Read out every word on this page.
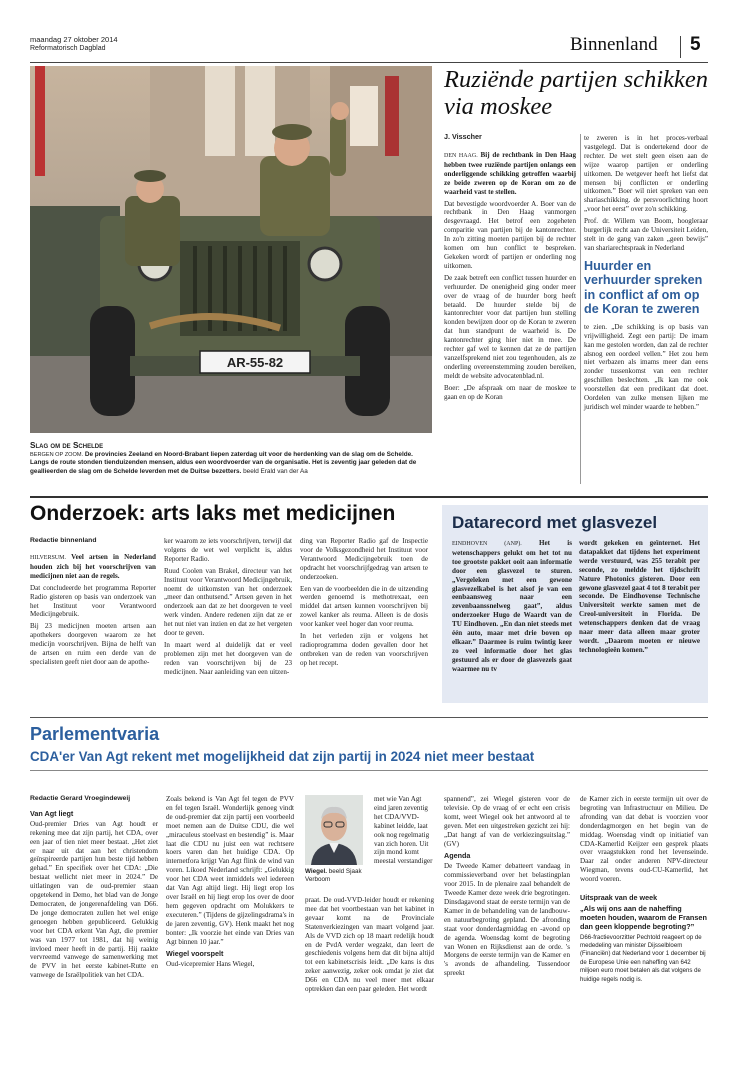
maandag 27 oktober 2014
Reformatorisch Dagblad	Binnenland 5
AR-55-82
Slag om de Schelde
BERGEN OP ZOOM. De provincies Zeeland en Noord-Brabant liepen zaterdag uit voor de herdenking van de slag om de Schelde. Langs de route stonden tienduizenden mensen, aldus een woordvoerder van de organisatie. Het is zeventig jaar geleden dat de geallieerden de slag om de Schelde leverden met de Duitse bezetters. beeld Erald van der Aa
Ruziënde partijen schikken via moskee
J. Visscher

DEN HAAG. Bij de rechtbank in Den Haag hebben twee ruziënde partijen onlangs een onderliggende schikking getroffen waarbij ze beide zweren op de Koran om zo de waarheid vast te stellen.

Dat bevestigde woordvoerder A. Boer van de rechtbank in Den Haag vanmorgen desgevraagd. Het betrof een zogeheten comparitie van partijen bij de kantonrechter. In zo'n zitting moeten partijen bij de rechter komen om hun conflict te bespreken. Gekeken wordt of partijen er onderling nog uitkomen.

De zaak betreft een conflict tussen huurder en verhuurder. De onenigheid ging onder meer over de vraag of de huurder borg heeft betaald. De huurder stelde bij de kantonrechter voor dat partijen hun stelling konden bewijzen door op de Koran te zweren dat hun standpunt de waarheid is. De kantonrechter ging hier niet in mee. De rechter gaf wel te kennen dat ze de partijen vanzelfsprekend niet zou tegenhouden, als ze onderling overeenstemming zouden bereiken, meldt de website advocatenblad.nl.

Boer: „De afspraak om naar de moskee te gaan en op de Koran

te zweren is in het proces-verbaal vastgelegd. Dat is ondertekend door de rechter. De wet stelt geen eisen aan de wijze waarop partijen er onderling uitkomen. De wetgever heeft het liefst dat mensen bij conflicten er onderling uitkomen.” Boer wil niet spreken van een shariaschikking. de persvoorlichting hoort „voor het eerst” over zo'n schikking.

Prof. dr. Willem van Boom, hoogleraar burgerlijk recht aan de Universiteit Leiden, stelt in de gang van zaken „geen bewijs” van shariarechtspraak in Nederland

Huurder en verhuurder spreken in conflict af om op de Koran te zweren

te zien. „De schikking is op basis van vrijwilligheid. Zegt een partij: De imam kan me gestolen worden, dan zal de rechter alsnog een oordeel vellen.” Het zou hem niet verbazen als imams meer dan eens zonder tussenkomst van een rechter geschillen beslechten. „Ik kan me ook voorstellen dat een predikant dat doet. Oordelen van zulke mensen lijken me juridisch wel minder waarde te hebben.”

Onderzoek: arts laks met medicijnen
Redactie binnenland

HILVERSUM. Veel artsen in Nederland houden zich bij het voorschrijven van medicijnen niet aan de regels.

Dat concludeerde het programma Reporter Radio gisteren op basis van onderzoek van het Instituut voor Verantwoord Medicijngebruik.

Bij 23 medicijnen moeten artsen aan apothekers doorgeven waarom ze het medicijn voorschrijven. Bijna de helft van de artsen en ruim een derde van de specialisten geeft niet door aan de apothe-

ker waarom ze iets voorschrijven, terwijl dat volgens de wet wel verplicht is, aldus Reporter Radio.

Ruud Coolen van Brakel, directeur van het Instituut voor Verantwoord Medicijngebruik, noemt de uitkomsten van het onderzoek „meer dan onthutsend.” Artsen geven in het onderzoek aan dat ze het doorgeven te veel werk vinden. Andere redenen zijn dat ze er het nut niet van inzien en dat ze het vergeten door te geven.

In maart werd al duidelijk dat er veel problemen zijn met het doorgeven van de reden van voorschrijven bij de 23 medicijnen. Naar aanleiding van een uitzen-

ding van Reporter Radio gaf de Inspectie voor de Volksgezondheid het Instituut voor Verantwoord Medicijngebruik toen de opdracht het voorschrijfgedrag van artsen te onderzoeken.

Een van de voorbeelden die in de uitzending werden genoemd is methotrexaat, een middel dat artsen kunnen voorschrijven bij zowel kanker als reuma. Alleen is de dosis voor kanker veel hoger dan voor reuma.

In het verleden zijn er volgens het radioprogramma doden gevallen door het ontbreken van de reden van voorschrijven op het recept.

Datarecord met glasvezel
EINDHOVEN (ANP). Het is wetenschappers gelukt om het tot nu toe grootste pakket ooit aan informatie door een glasvezel te sturen. „Vergeleken met een gewone glasvezelkabel is het alsof je van een eenbaansweg naar een zevenbaanssnelweg gaat”, aldus onderzoeker Hugo de Waardt van de TU Eindhoven. „En dan niet steeds met één auto, maar met drie boven op elkaar.” Daarmee is ruim twintig keer zo veel informatie door het glas gestuurd als er door de glasvezels gaat waarmee nu tv
wordt gekeken en geïnternet. Het datapakket dat tijdens het experiment werde verstuurd, was 255 terabit per seconde, zo meldde het tijdschrift Nature Photonics gisteren. Door een gewone glasvezel gaat 4 tot 8 terabit per seconde. De Eindhovense Technische Universiteit werkte samen met de Creol-universiteit in Florida. De wetenschappers denken dat de vraag naar meer data alleen maar groter wordt. „Daarom moeten er nieuwe technologieën komen.”
Parlementvaria
CDA'er Van Agt rekent met mogelijkheid dat zijn partij in 2024 niet meer bestaat
Redactie Gerard Vroegindeweij
Van Agt liegt

Oud-premier Dries van Agt houdt er rekening mee dat zijn partij, het CDA, over een jaar of tien niet meer bestaat. „Het ziet er naar uit dat aan het christendom geïnspireerde partijen hun beste tijd hebben gehad.” En specifiek over het CDA: „Die bestaat wellicht niet meer in 2024.” De uitlatingen van de oud-premier staan opgetekend in Demo, het blad van de Jonge Democraten, de jongerenafdeling van D66. De jonge democraten zullen het wel enige genoegen hebben gepubliceerd. Gelukkig voor het CDA erkent Van Agt, die premier was van 1977 tot 1981, dat hij weinig invloed meer heeft in de partij. Hij raakte vervreemd vanwege de samenwerking met de PVV in het eerste kabinet-Rutte en vanwege de Israëlpolitiek van het CDA.

Zoals bekend is Van Agt fel tegen de PVV en fel tegen Israël. Wonderlijk genoeg vindt de oud-premier dat zijn partij een voorbeeld moet nemen aan de Duitse CDU, die wel „miraculeus stoelvast en bestendig” is. Maar laat die CDU nu juist een wat rechtsere koers varen dan het huidige CDA. Op internetfora krijgt Van Agt flink de wind van voren. Likoed Nederland schrijft: „Gelukkig voor het CDA weet inmiddels wel iedereen dat Van Agt altijd liegt. Hij liegt erop los over Israël en hij liegt erop los over de door hem gegeven opdracht om Molukkers te executeren.” (Tijdens de gijzelingsdrama's in de jaren zeventig, GV). Henk maakt het nog bonter: „Ik voorzie het einde van Dries van Agt binnen 10 jaar.”

Wiegel voorspelt

Oud-vicepremier Hans Wiegel,

Wiegel. beeld Sjaak Verboom

met wie Van Agt eind jaren zeventig het CDA/VVD-kabinet leidde, laat ook nog regelmatig van zich horen. Uit zijn mond komt meestal verstandiger

praat. De oud-VVD-leider houdt er rekening mee dat het voortbestaan van het kabinet in gevaar komt na de Provinciale Statenverkiezingen van maart volgend jaar. Als de VVD zich op 18 maart redelijk houdt en de PvdA verder wegzakt, dan leert de geschiedenis volgens hem dat dit bijna altijd tot een kabinetscrisis leidt. „De kans is dus zeker aanwezig, zeker ook omdat je ziet dat D66 en CDA nu veel meer met elkaar optrekken dan een paar geleden. Het wordt

spannend”, zei Wiegel gisteren voor de televisie. Op de vraag of er echt een crisis komt, weet Wiegel ook het antwoord al te geven. Met een uitgestreken gezicht zei hij: „Dat hangt af van de verkiezingsuitslag.” (GV)

Agenda

De Tweede Kamer debatteert vandaag in commissieverband over het belastingplan voor 2015. In de plenaire zaal behandelt de Tweede Kamer deze week drie begrotingen. Dinsdagavond staat de eerste termijn van de Kamer in de behandeling van de landbouw- en natuurbegroting gepland. De afronding staat voor donderdagmiddag en -avond op de agenda. Woensdag komt de begroting van Wonen en Rijksdienst aan de orde. 's Morgens de eerste termijn van de Kamer en 's avonds de afhandeling. Tussendoor spreekt

de Kamer zich in eerste termijn uit over de begroting van Infrastructuur en Milieu. De afronding van dat debat is voorzien voor donderdagmorgen en het begin van de middag. Woensdag vindt op initiatief van CDA-Kamerlid Keijzer een gesprek plaats over vraagstukken rond het levenseinde. Daar zal onder anderen NPV-directeur Wiegman, tevens oud-CU-Kamerlid, het woord voeren.

Uitspraak van de week
„Als wij ons aan de naheffing moeten houden, waarom de Fransen dan geen kloppende begroting?”
D66-fractievoorzitter Pechtold reageert op de mededeling van minister Dijsselbloem (Financiën) dat Nederland voor 1 december bij de Europese Unie een naheffing van 642 miljoen euro moet betalen als dat volgens de huidige regels nodig is.
